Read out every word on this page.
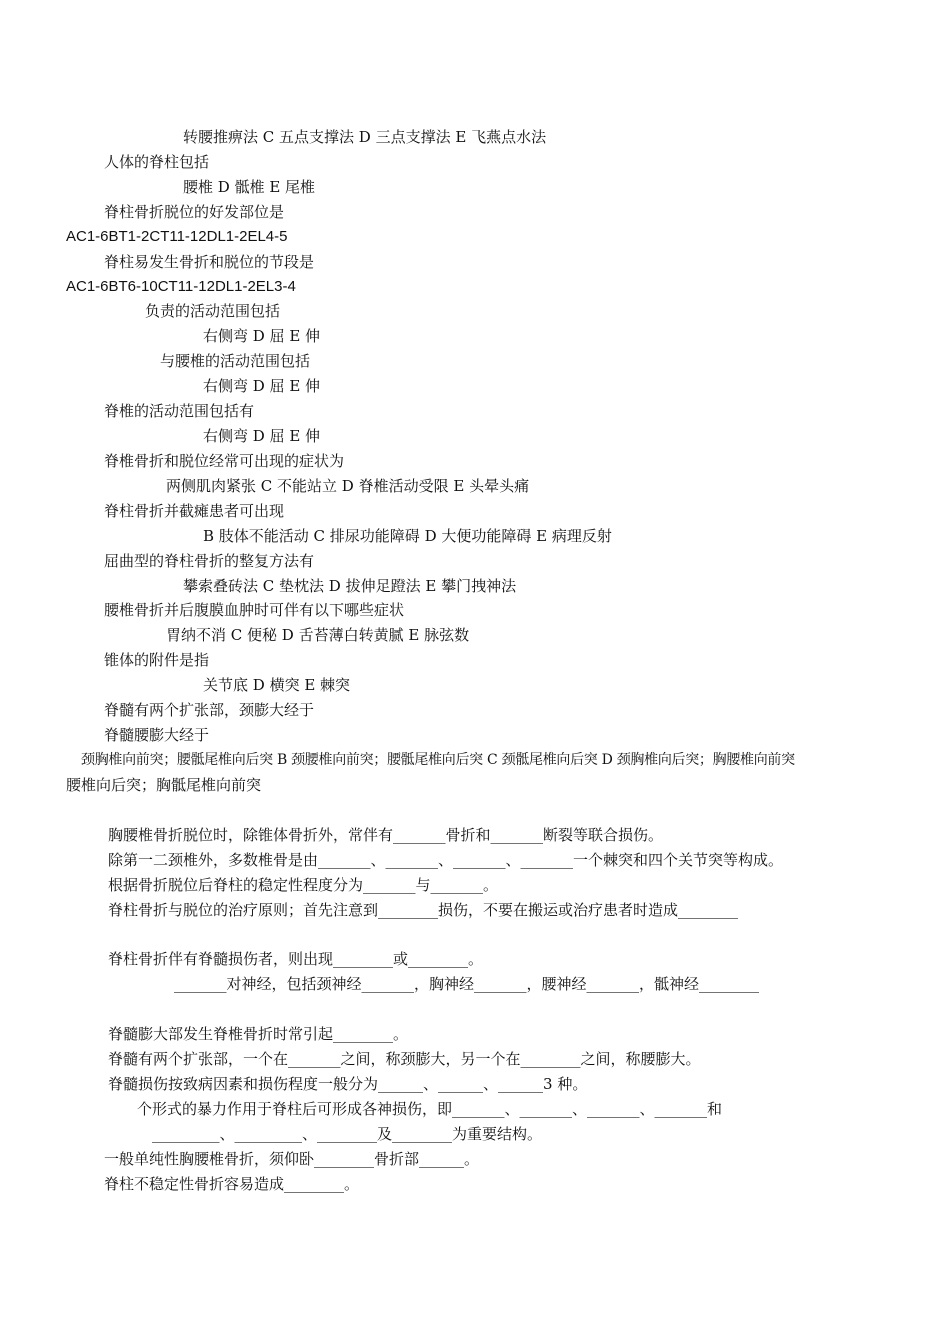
转腰推痹法 C 五点支撑法 D 三点支撑法 E 飞燕点水法
人体的脊柱包括
腰椎 D 骶椎 E 尾椎
脊柱骨折脱位的好发部位是
AC1-6BT1-2CT11-12DL1-2EL4-5
脊柱易发生骨折和脱位的节段是
AC1-6BT6-10CT11-12DL1-2EL3-4
负责的活动范围包括
右侧弯 D 屈 E 伸
与腰椎的活动范围包括
右侧弯 D 屈 E 伸
脊椎的活动范围包括有
右侧弯 D 屈 E 伸
脊椎骨折和脱位经常可出现的症状为
两侧肌肉紧张 C 不能站立 D 脊椎活动受限 E 头晕头痛
脊柱骨折并截瘫患者可出现
B 肢体不能活动 C 排尿功能障碍 D 大便功能障碍 E 病理反射
屈曲型的脊柱骨折的整复方法有
攀索叠砖法 C 垫枕法 D 拔伸足蹬法 E 攀门拽神法
腰椎骨折并后腹膜血肿时可伴有以下哪些症状
胃纳不消 C 便秘 D 舌苔薄白转黄腻 E 脉弦数
锥体的附件是指
关节底 D 横突 E 棘突
脊髓有两个扩张部，颈膨大经于
脊髓腰膨大经于
颈胸椎向前突；腰骶尾椎向后突 B 颈腰椎向前突；腰骶尾椎向后突 C 颈骶尾椎向后突 D 颈胸椎向后突；胸腰椎向前突
腰椎向后突；胸骶尾椎向前突
胸腰椎骨折脱位时，除锥体骨折外，常伴有_______骨折和_______断裂等联合损伤。
除第一二颈椎外，多数椎骨是由_______、_______、_______、_______一个棘突和四个关节突等构成。
根据骨折脱位后脊柱的稳定性程度分为_______与_______。
脊柱骨折与脱位的治疗原则；首先注意到________损伤，不要在搬运或治疗患者时造成________
脊柱骨折伴有脊髓损伤者，则出现________或________。
_______对神经，包括颈神经_______，胸神经_______，腰神经_______，骶神经________
脊髓膨大部发生脊椎骨折时常引起________。
脊髓有两个扩张部，一个在_______之间，称颈膨大，另一个在________之间，称腰膨大。
脊髓损伤按致病因素和损伤程度一般分为______、______、______3 种。
个形式的暴力作用于脊柱后可形成各神损伤，即_______、_______、_______、_______和
_________、_________、________及________为重要结构。
一般单纯性胸腰椎骨折，须仰卧________骨折部______。
脊柱不稳定性骨折容易造成________。
